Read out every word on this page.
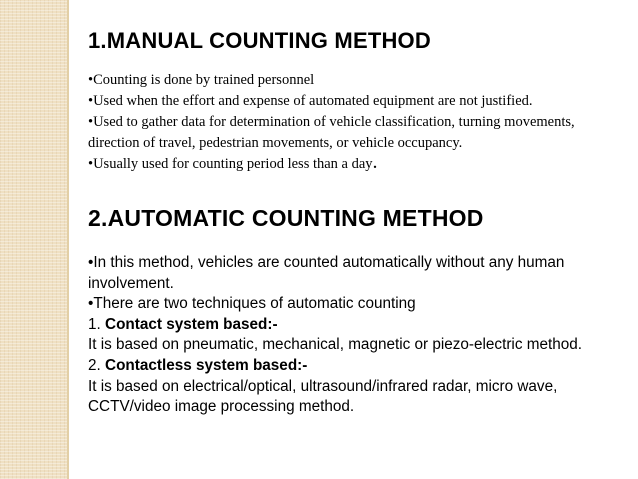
1.MANUAL COUNTING METHOD

•Counting is done by trained personnel

•Used when the effort and expense of automated equipment are not justified.

•Used to gather data for determination of vehicle classification, turning movements, direction of travel, pedestrian movements, or vehicle occupancy.

•Usually used for counting period less than a day.

2.AUTOMATIC COUNTING METHOD

•In this method, vehicles are counted automatically without any human involvement.

•There are two techniques of automatic counting

1. Contact system based:-

It is based on pneumatic, mechanical, magnetic or piezo-electric method.

2. Contactless system based:-

It is based on electrical/optical, ultrasound/infrared radar, micro wave, CCTV/video image processing method.
